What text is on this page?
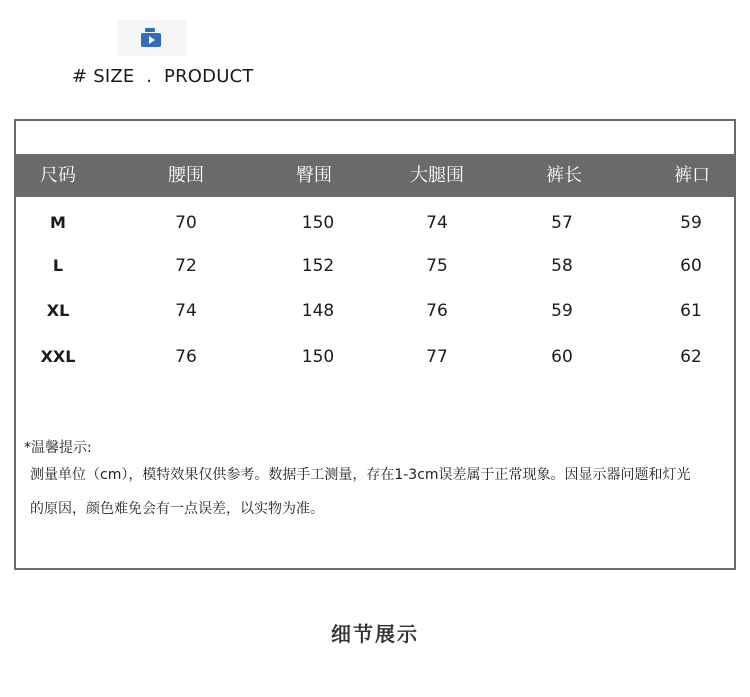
# SIZE  .  PRODUCT
尺码	腰围	臀围	大腿围	裤长	裤口
M	70	150	74	57	59
L	72	152	75	58	60
XL	74	148	76	59	61
XXL	76	150	77	60	62
*温馨提示:
测量单位（cm），模特效果仅供参考。数据手工测量，存在1-3cm误差属于正常现象。因显示器问题和灯光
的原因，颜色难免会有一点误差，以实物为准。
细节展示
